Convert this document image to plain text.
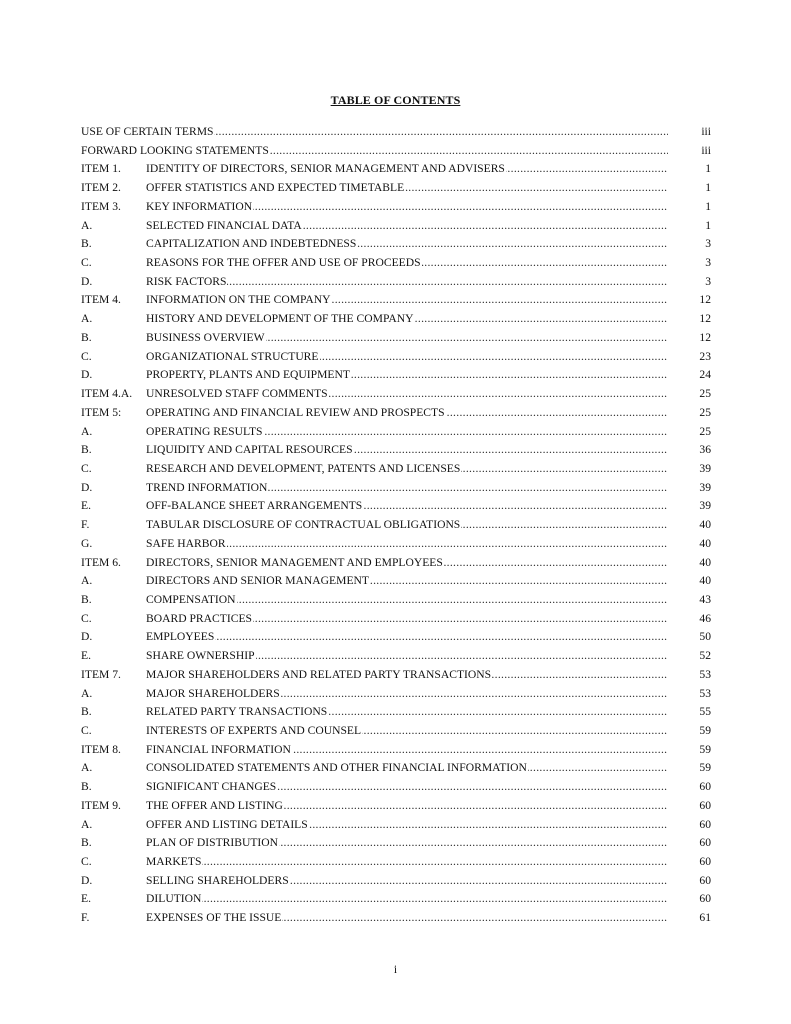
TABLE OF CONTENTS
USE OF CERTAIN TERMS .....	iii
FORWARD LOOKING STATEMENTS .....	iii
ITEM 1. IDENTITY OF DIRECTORS, SENIOR MANAGEMENT AND ADVISERS .....	1
ITEM 2. OFFER STATISTICS AND EXPECTED TIMETABLE .....	1
ITEM 3. KEY INFORMATION .....	1
A.	SELECTED FINANCIAL DATA .....	1
B.	CAPITALIZATION AND INDEBTEDNESS .....	3
C.	REASONS FOR THE OFFER AND USE OF PROCEEDS .....	3
D.	RISK FACTORS .....	3
ITEM 4. INFORMATION ON THE COMPANY .....	12
A.	HISTORY AND DEVELOPMENT OF THE COMPANY .....	12
B.	BUSINESS OVERVIEW .....	12
C.	ORGANIZATIONAL STRUCTURE .....	23
D.	PROPERTY, PLANTS AND EQUIPMENT .....	24
ITEM 4.A. UNRESOLVED STAFF COMMENTS .....	25
ITEM 5: OPERATING AND FINANCIAL REVIEW AND PROSPECTS .....	25
A.	OPERATING RESULTS .....	25
B.	LIQUIDITY AND CAPITAL RESOURCES .....	36
C.	RESEARCH AND DEVELOPMENT, PATENTS AND LICENSES .....	39
D.	TREND INFORMATION .....	39
E.	OFF-BALANCE SHEET ARRANGEMENTS .....	39
F.	TABULAR DISCLOSURE OF CONTRACTUAL OBLIGATIONS .....	40
G.	SAFE HARBOR .....	40
ITEM 6. DIRECTORS, SENIOR MANAGEMENT AND EMPLOYEES .....	40
A.	DIRECTORS AND SENIOR MANAGEMENT .....	40
B.	COMPENSATION .....	43
C.	BOARD PRACTICES .....	46
D.	EMPLOYEES .....	50
E.	SHARE OWNERSHIP .....	52
ITEM 7. MAJOR SHAREHOLDERS AND RELATED PARTY TRANSACTIONS .....	53
A.	MAJOR SHAREHOLDERS .....	53
B.	RELATED PARTY TRANSACTIONS .....	55
C.	INTERESTS OF EXPERTS AND COUNSEL .....	59
ITEM 8. FINANCIAL INFORMATION .....	59
A.	CONSOLIDATED STATEMENTS AND OTHER FINANCIAL INFORMATION .....	59
B.	SIGNIFICANT CHANGES .....	60
ITEM 9. THE OFFER AND LISTING .....	60
A.	OFFER AND LISTING DETAILS .....	60
B.	PLAN OF DISTRIBUTION .....	60
C.	MARKETS .....	60
D.	SELLING SHAREHOLDERS .....	60
E.	DILUTION .....	60
F.	EXPENSES OF THE ISSUE .....	61
i
